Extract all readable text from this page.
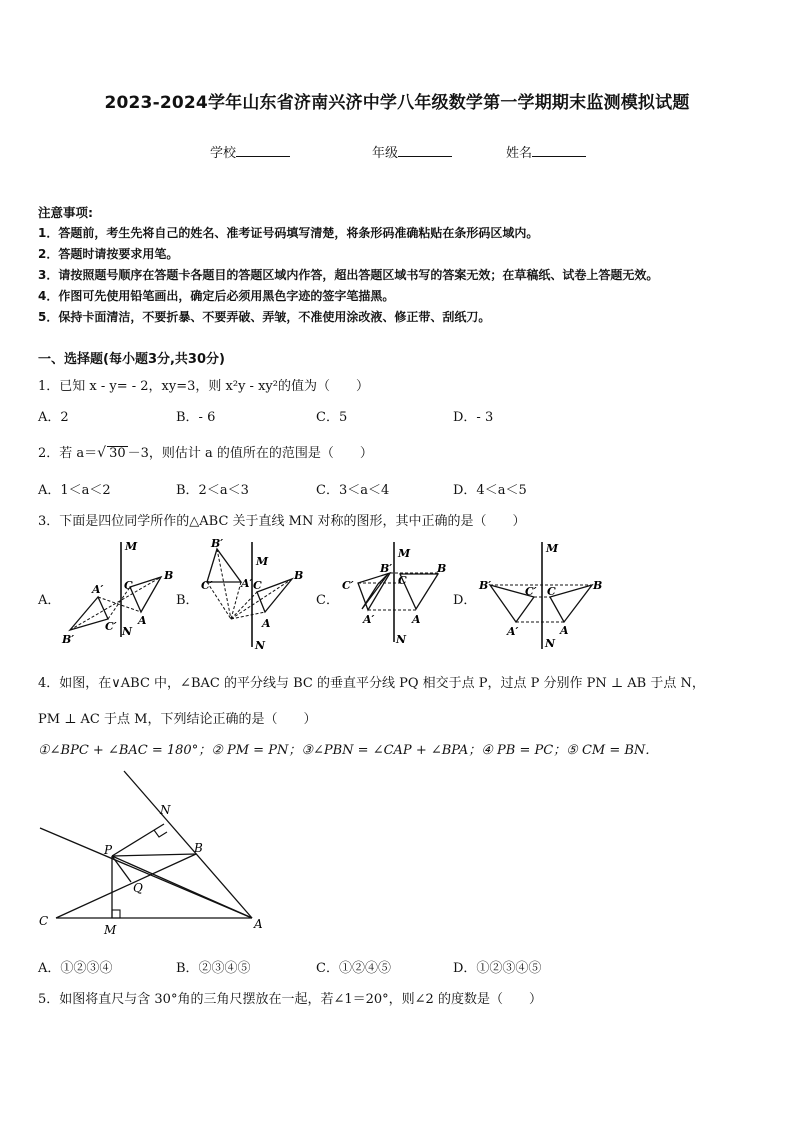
2023-2024学年山东省济南兴济中学八年级数学第一学期期末监测模拟试题
学校	年级	姓名
注意事项:
1．答题前，考生先将自己的姓名、准考证号码填写清楚，将条形码准确粘贴在条形码区域内。
2．答题时请按要求用笔。
3．请按照题号顺序在答题卡各题目的答题区域内作答，超出答题区域书写的答案无效；在草稿纸、试卷上答题无效。
4．作图可先使用铅笔画出，确定后必须用黑色字迹的签字笔描黑。
5．保持卡面清洁，不要折暴、不要弄破、弄皱，不准使用涂改液、修正带、刮纸刀。
一、选择题(每小题3分,共30分)
1．已知 x - y= - 2，xy=3，则 x²y - xy²的值为（　　）
A．2	B．- 6	C．5	D．- 3
2．若 a＝√ 30 －3，则估计 a 的值所在的范围是（　　）
A．1＜a＜2	B．2＜a＜3	C．3＜a＜4	D．4＜a＜5
3．下面是四位同学所作的△ABC 关于直线 MN 对称的图形，其中正确的是（　　）
A．	B．	C．	D．
M
N
A
B
C
A′
B′
C′
M
N
A
B
C
A′
B′
C′
M
N
A
B
C
A′
B′
C′
M
N
A
B
C
A′
B′	C′
4．如图，在∨ABC 中，∠BAC 的平分线与 BC 的垂直平分线 PQ 相交于点 P，过点 P 分别作 PN ⊥ AB 于点 N，
PM ⊥ AC 于点 M，下列结论正确的是（　　）
①∠BPC + ∠BAC = 180°；② PM = PN；③∠PBN = ∠CAP + ∠BPA；④ PB = PC；⑤ CM = BN．
N
P	B
Q
C
M	A
A．①②③④	B．②③④⑤	C．①②④⑤	D．①②③④⑤
5．如图将直尺与含 30°角的三角尺摆放在一起，若∠1＝20°，则∠2 的度数是（　　）
